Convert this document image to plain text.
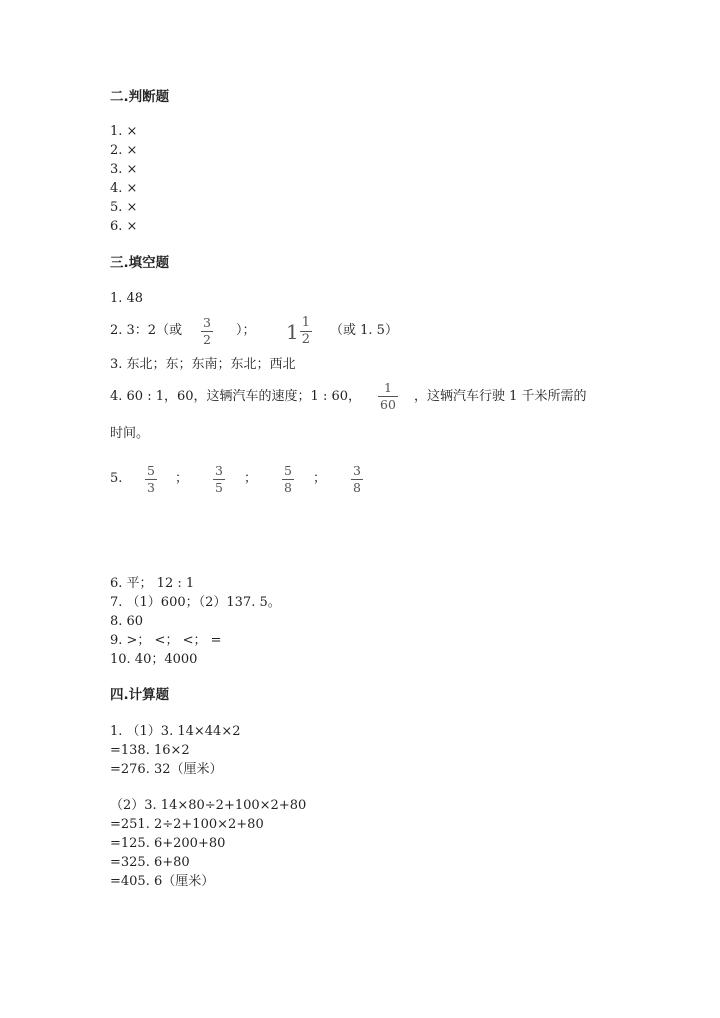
二.判断题
1. ×
2. ×
3. ×
4. ×
5. ×
6. ×
三.填空题
1. 48
2. 3：2（或
3
2
）； $1 \frac{1}{2}$ （或 1. 5）
3. 东北；东；东南；东北；西北
4. 60 : 1，60，这辆汽车的速度；1 : 60，
1
60
，这辆汽车行驶 1 千米所需的
时间。
5.
5
3
；
3
5
；
5
8
；
3
8
6. 平； 12 : 1
7. （1）600；（2）137. 5。
8. 60
9. >； <； <； =
10. 40；4000
四.计算题
1. （1）3. 14×44×2
=138. 16×2
=276. 32（厘米）
（2）3. 14×80÷2+100×2+80
=251. 2÷2+100×2+80
=125. 6+200+80
=325. 6+80
=405. 6（厘米）
